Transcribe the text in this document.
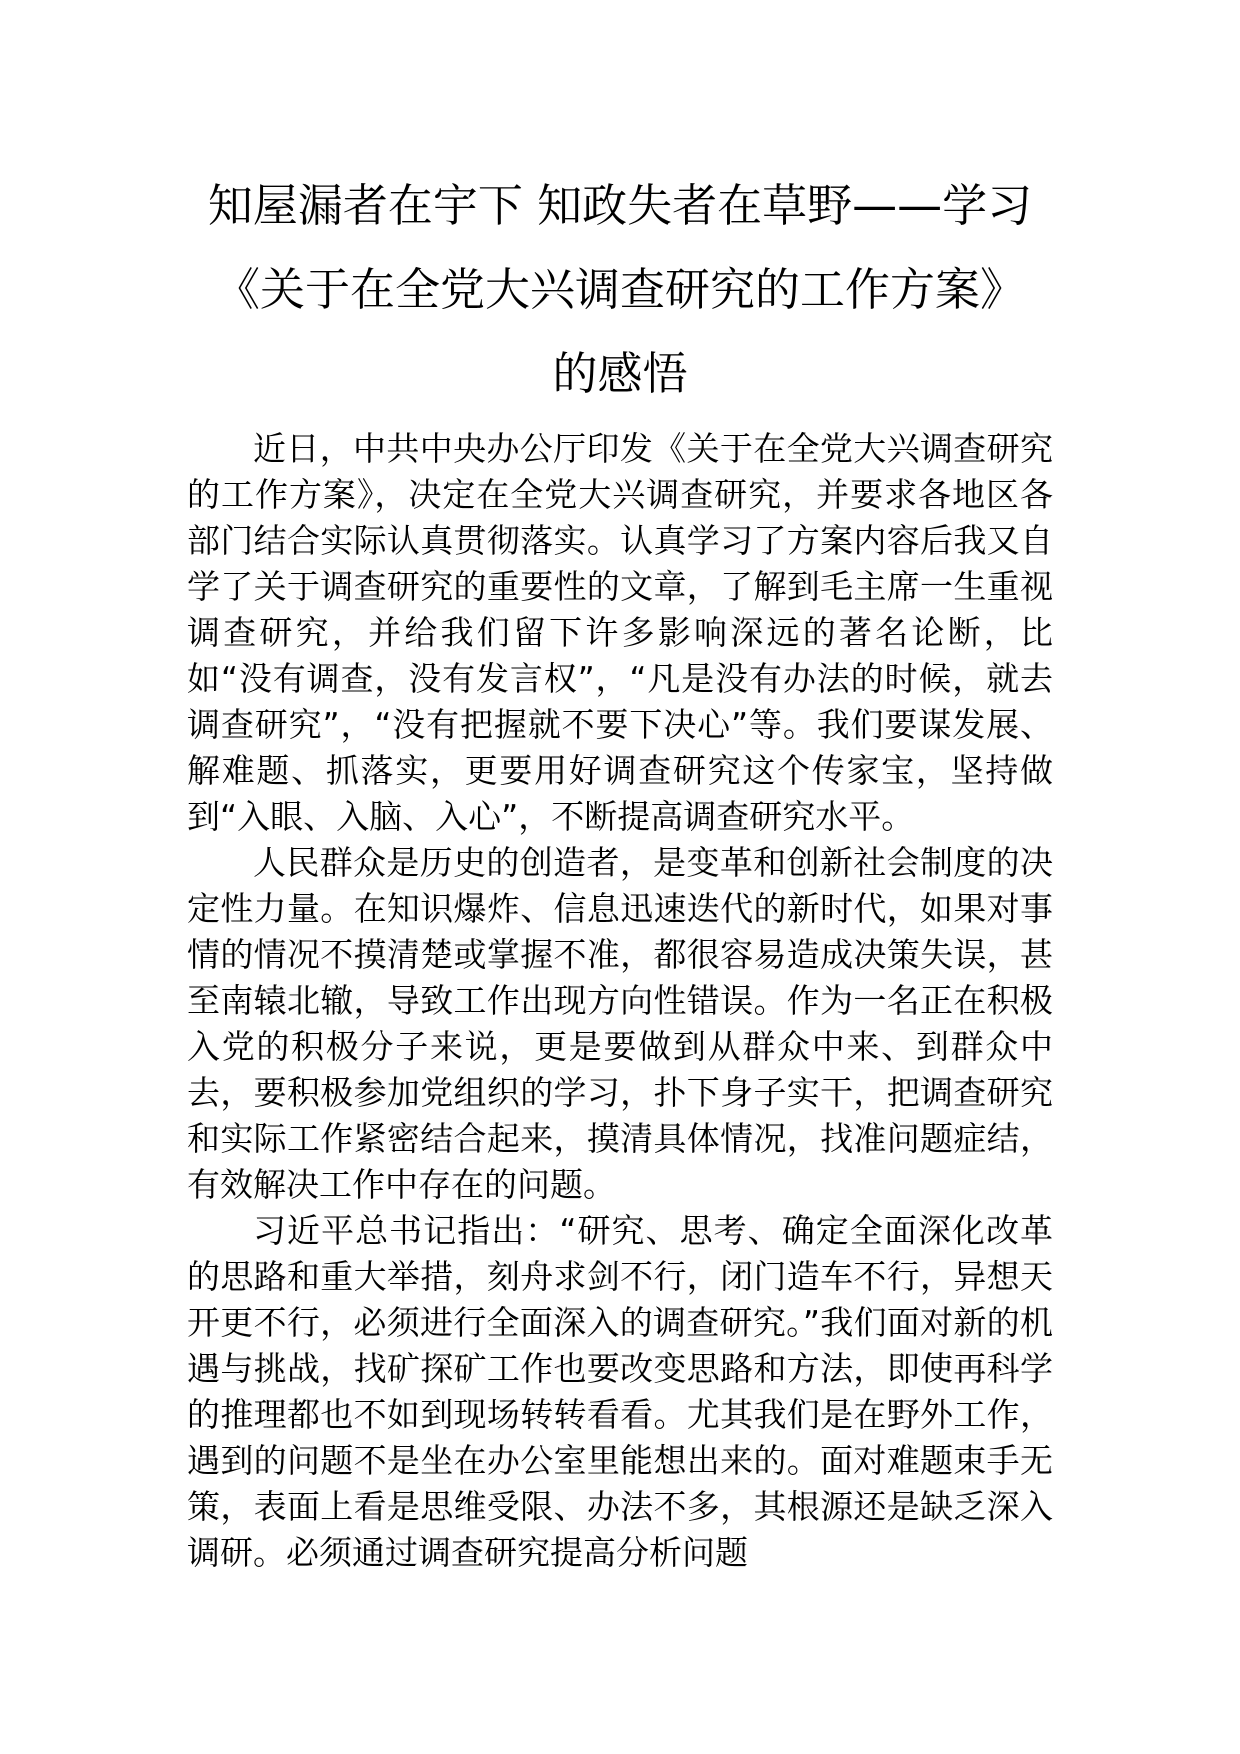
知屋漏者在宇下 知政失者在草野——学习
《关于在全党大兴调查研究的工作方案》
的感悟

近日，中共中央办公厅印发《关于在全党大兴调查研究的工作方案》，决定在全党大兴调查研究，并要求各地区各部门结合实际认真贯彻落实。认真学习了方案内容后我又自学了关于调查研究的重要性的文章，了解到毛主席一生重视调查研究，并给我们留下许多影响深远的著名论断，比如“没有调查，没有发言权”，“凡是没有办法的时候，就去调查研究”，“没有把握就不要下决心”等。我们要谋发展、解难题、抓落实，更要用好调查研究这个传家宝，坚持做到“入眼、入脑、入心”，不断提高调查研究水平。

人民群众是历史的创造者，是变革和创新社会制度的决定性力量。在知识爆炸、信息迅速迭代的新时代，如果对事情的情况不摸清楚或掌握不准，都很容易造成决策失误，甚至南辕北辙，导致工作出现方向性错误。作为一名正在积极入党的积极分子来说，更是要做到从群众中来、到群众中去，要积极参加党组织的学习，扑下身子实干，把调查研究和实际工作紧密结合起来，摸清具体情况，找准问题症结，有效解决工作中存在的问题。

习近平总书记指出：“研究、思考、确定全面深化改革的思路和重大举措，刻舟求剑不行，闭门造车不行，异想天开更不行，必须进行全面深入的调查研究。”我们面对新的机遇与挑战，找矿探矿工作也要改变思路和方法，即使再科学的推理都也不如到现场转转看看。尤其我们是在野外工作，遇到的问题不是坐在办公室里能想出来的。面对难题束手无策，表面上看是思维受限、办法不多，其根源还是缺乏深入调研。必须通过调查研究提高分析问题
